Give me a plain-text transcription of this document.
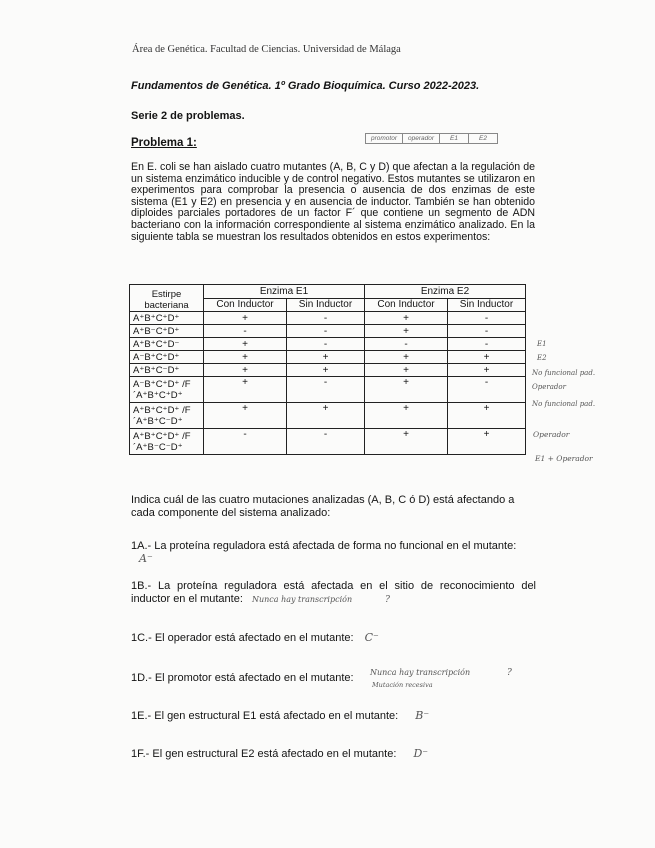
Área de Genética. Facultad de Ciencias. Universidad de Málaga
Fundamentos de Genética. 1º Grado Bioquímica. Curso 2022-2023.
Serie 2 de problemas.
Problema 1:	promotor	operador	E1	E2
En E. coli se han aislado cuatro mutantes (A, B, C y D) que afectan a la regulación de un sistema enzimático inducible y de control negativo. Estos mutantes se utilizaron en experimentos para comprobar la presencia o ausencia de dos enzimas de este sistema (E1 y E2) en presencia y en ausencia de inductor. También se han obtenido diploides parciales portadores de un factor F´ que contiene un segmento de ADN bacteriano con la información correspondiente al sistema enzimático analizado. En la siguiente tabla se muestran los resultados obtenidos en estos experimentos:
Estirpe bacteriana	Enzima E1		Enzima E2	
	Con Inductor	Sin Inductor	Con Inductor	Sin Inductor
A⁺B⁺C⁺D⁺	+	-	+	-
A⁺B⁻C⁺D⁺	-	-	+	-
A⁺B⁺C⁺D⁻	+	-	-	-
A⁻B⁺C⁺D⁺	+	+	+	+
A⁺B⁺C⁻D⁺	+	+	+	+
A⁻B⁺C⁺D⁺ /F´A⁺B⁺C⁺D⁺	+	-	+	-
A⁺B⁺C⁺D⁺ /F´A⁺B⁺C⁻D⁺	+	+	+	+
A⁺B⁺C⁺D⁺ /F´A⁺B⁻C⁻D⁺	-	-	+	+
E1
E2
No funcional pad.
Operador
No funcional pad.
Operador
E1 + Operador
Indica cuál de las cuatro mutaciones analizadas (A, B, C ó D) está afectando a cada componente del sistema analizado:
1A.- La proteína reguladora está afectada de forma no funcional en el mutante: A⁻
1B.- La proteína reguladora está afectada en el sitio de reconocimiento del inductor en el mutante: Nunca hay transcripción	?
1C.- El operador está afectado en el mutante: C⁻
1D.- El promotor está afectado en el mutante:	Nunca hay transcripción
Mutación recesiva
?
1E.- El gen estructural E1 está afectado en el mutante: B⁻
1F.- El gen estructural E2 está afectado en el mutante: D⁻
